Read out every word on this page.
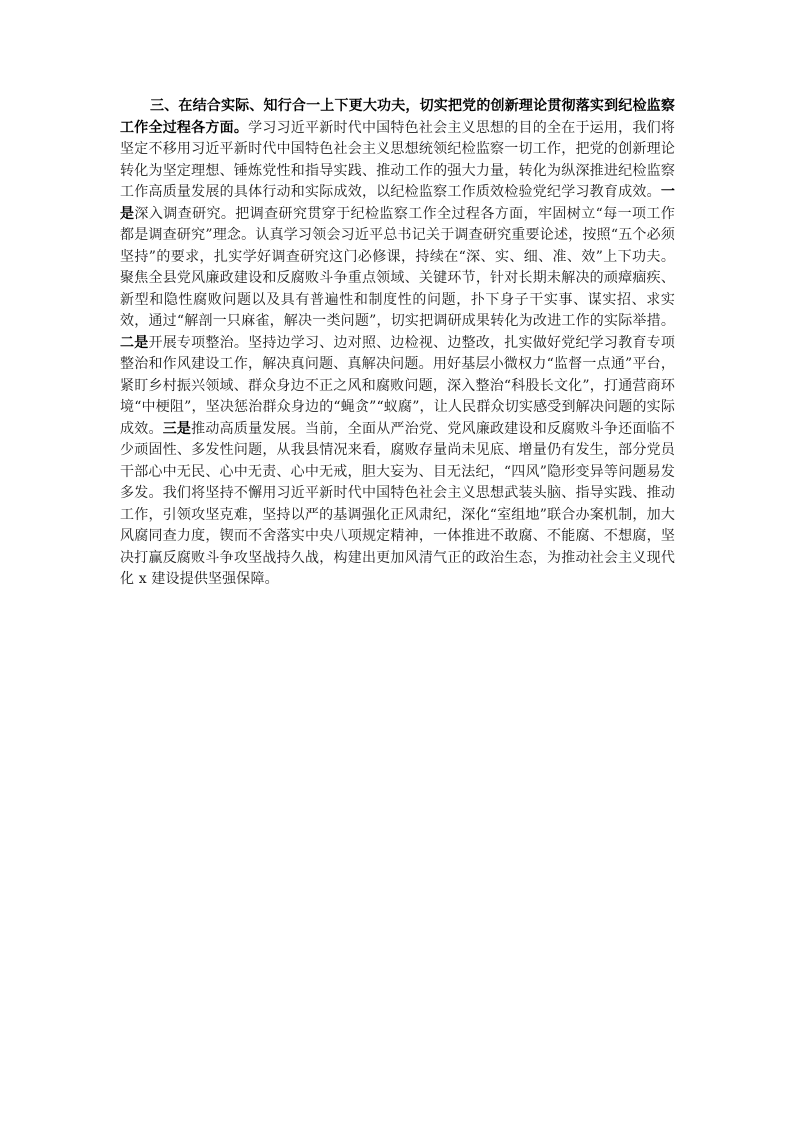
三、在结合实际、知行合一上下更大功夫，切实把党的创新理论贯彻落实到纪检监察工作全过程各方面。学习习近平新时代中国特色社会主义思想的目的全在于运用，我们将坚定不移用习近平新时代中国特色社会主义思想统领纪检监察一切工作，把党的创新理论转化为坚定理想、锤炼党性和指导实践、推动工作的强大力量，转化为纵深推进纪检监察工作高质量发展的具体行动和实际成效，以纪检监察工作质效检验党纪学习教育成效。一是深入调查研究。把调查研究贯穿于纪检监察工作全过程各方面，牢固树立“每一项工作都是调查研究”理念。认真学习领会习近平总书记关于调查研究重要论述，按照“五个必须坚持”的要求，扎实学好调查研究这门必修课，持续在“深、实、细、准、效”上下功夫。聚焦全县党风廉政建设和反腐败斗争重点领域、关键环节，针对长期未解决的顽瘴痼疾、新型和隐性腐败问题以及具有普遍性和制度性的问题，扑下身子干实事、谋实招、求实效，通过“解剖一只麻雀，解决一类问题”，切实把调研成果转化为改进工作的实际举措。二是开展专项整治。坚持边学习、边对照、边检视、边整改，扎实做好党纪学习教育专项整治和作风建设工作，解决真问题、真解决问题。用好基层小微权力“监督一点通”平台，紧盯乡村振兴领域、群众身边不正之风和腐败问题，深入整治“科股长文化”，打通营商环境“中梗阻”，坚决惩治群众身边的“蝇贪”“蚁腐”，让人民群众切实感受到解决问题的实际成效。三是推动高质量发展。当前，全面从严治党、党风廉政建设和反腐败斗争还面临不少顽固性、多发性问题，从我县情况来看，腐败存量尚未见底、增量仍有发生，部分党员干部心中无民、心中无责、心中无戒，胆大妄为、目无法纪，“四风”隐形变异等问题易发多发。我们将坚持不懈用习近平新时代中国特色社会主义思想武装头脑、指导实践、推动工作，引领攻坚克难，坚持以严的基调强化正风肃纪，深化“室组地”联合办案机制，加大风腐同查力度，锲而不舍落实中央八项规定精神，一体推进不敢腐、不能腐、不想腐，坚决打赢反腐败斗争攻坚战持久战，构建出更加风清气正的政治生态，为推动社会主义现代化 x 建设提供坚强保障。
